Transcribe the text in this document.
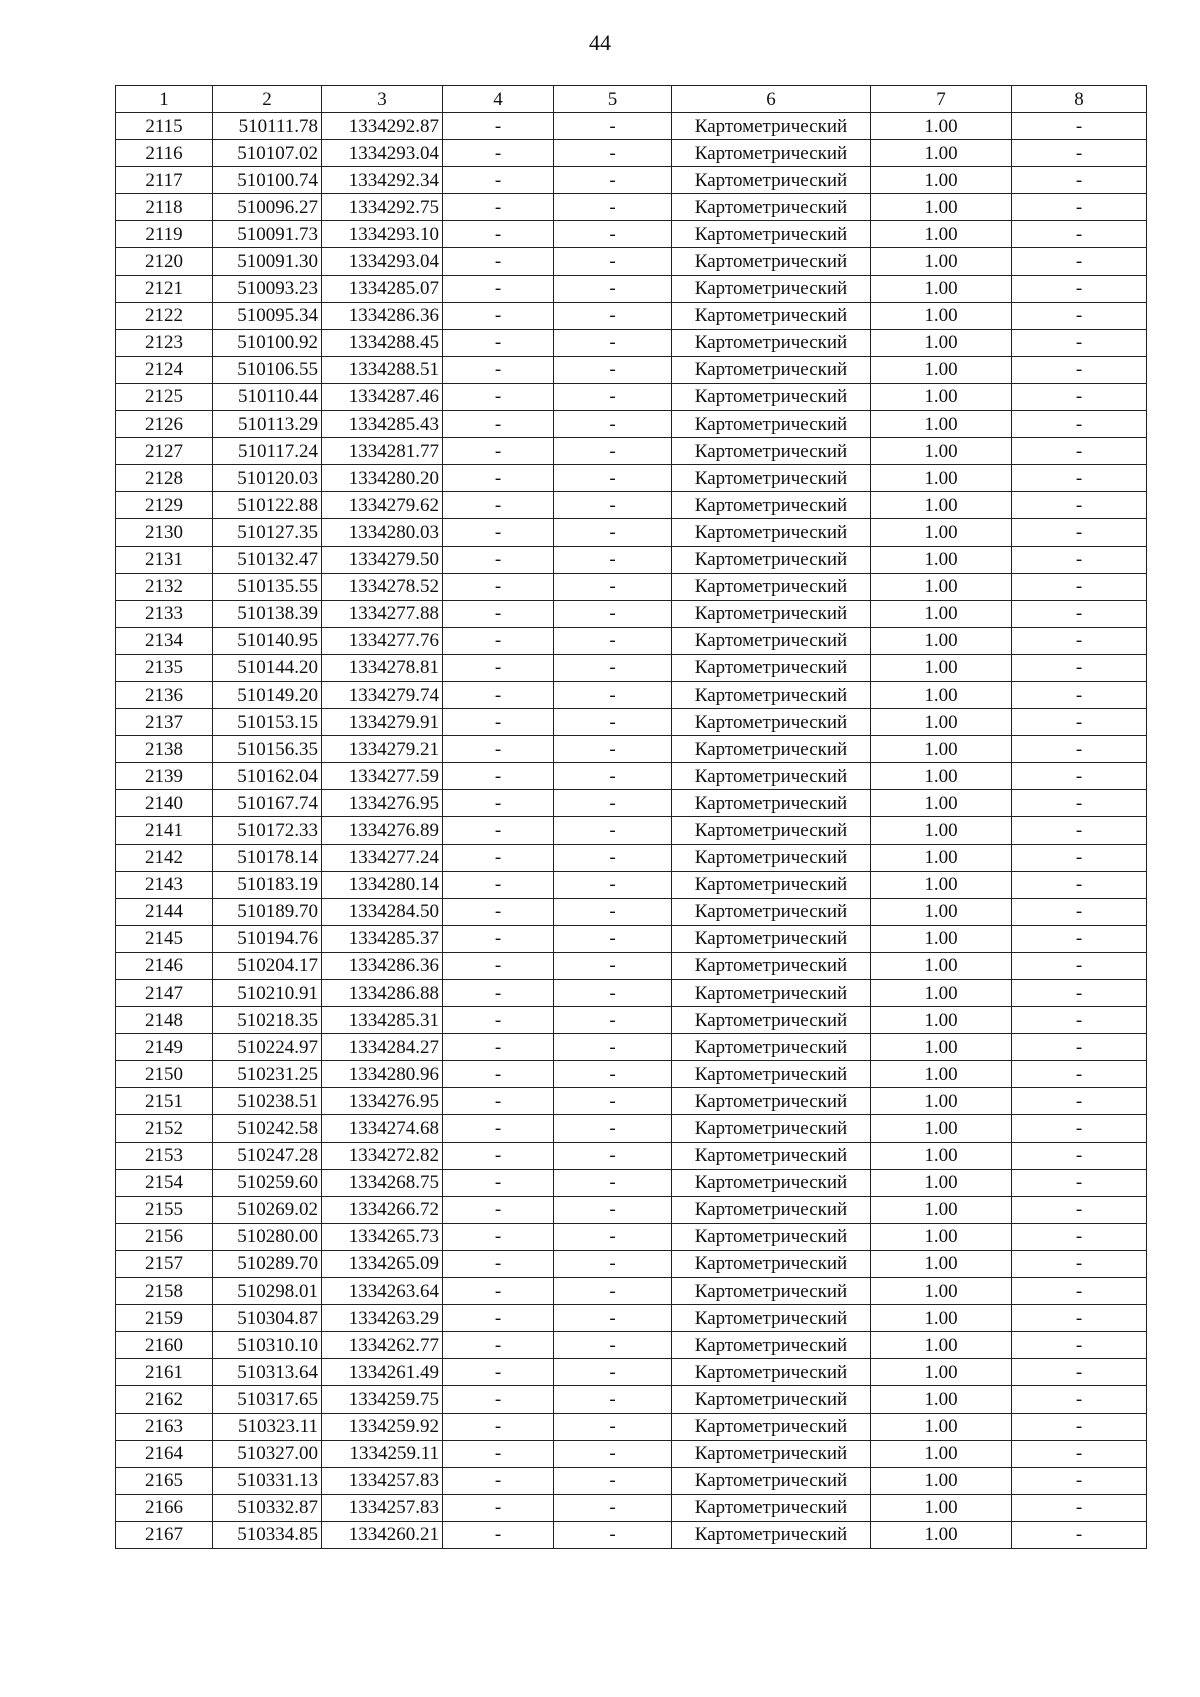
44
1	2	3	4	5	6	7	8
2115	510111.78	1334292.87	-	-	Картометрический	1.00	-
2116	510107.02	1334293.04	-	-	Картометрический	1.00	-
2117	510100.74	1334292.34	-	-	Картометрический	1.00	-
2118	510096.27	1334292.75	-	-	Картометрический	1.00	-
2119	510091.73	1334293.10	-	-	Картометрический	1.00	-
2120	510091.30	1334293.04	-	-	Картометрический	1.00	-
2121	510093.23	1334285.07	-	-	Картометрический	1.00	-
2122	510095.34	1334286.36	-	-	Картометрический	1.00	-
2123	510100.92	1334288.45	-	-	Картометрический	1.00	-
2124	510106.55	1334288.51	-	-	Картометрический	1.00	-
2125	510110.44	1334287.46	-	-	Картометрический	1.00	-
2126	510113.29	1334285.43	-	-	Картометрический	1.00	-
2127	510117.24	1334281.77	-	-	Картометрический	1.00	-
2128	510120.03	1334280.20	-	-	Картометрический	1.00	-
2129	510122.88	1334279.62	-	-	Картометрический	1.00	-
2130	510127.35	1334280.03	-	-	Картометрический	1.00	-
2131	510132.47	1334279.50	-	-	Картометрический	1.00	-
2132	510135.55	1334278.52	-	-	Картометрический	1.00	-
2133	510138.39	1334277.88	-	-	Картометрический	1.00	-
2134	510140.95	1334277.76	-	-	Картометрический	1.00	-
2135	510144.20	1334278.81	-	-	Картометрический	1.00	-
2136	510149.20	1334279.74	-	-	Картометрический	1.00	-
2137	510153.15	1334279.91	-	-	Картометрический	1.00	-
2138	510156.35	1334279.21	-	-	Картометрический	1.00	-
2139	510162.04	1334277.59	-	-	Картометрический	1.00	-
2140	510167.74	1334276.95	-	-	Картометрический	1.00	-
2141	510172.33	1334276.89	-	-	Картометрический	1.00	-
2142	510178.14	1334277.24	-	-	Картометрический	1.00	-
2143	510183.19	1334280.14	-	-	Картометрический	1.00	-
2144	510189.70	1334284.50	-	-	Картометрический	1.00	-
2145	510194.76	1334285.37	-	-	Картометрический	1.00	-
2146	510204.17	1334286.36	-	-	Картометрический	1.00	-
2147	510210.91	1334286.88	-	-	Картометрический	1.00	-
2148	510218.35	1334285.31	-	-	Картометрический	1.00	-
2149	510224.97	1334284.27	-	-	Картометрический	1.00	-
2150	510231.25	1334280.96	-	-	Картометрический	1.00	-
2151	510238.51	1334276.95	-	-	Картометрический	1.00	-
2152	510242.58	1334274.68	-	-	Картометрический	1.00	-
2153	510247.28	1334272.82	-	-	Картометрический	1.00	-
2154	510259.60	1334268.75	-	-	Картометрический	1.00	-
2155	510269.02	1334266.72	-	-	Картометрический	1.00	-
2156	510280.00	1334265.73	-	-	Картометрический	1.00	-
2157	510289.70	1334265.09	-	-	Картометрический	1.00	-
2158	510298.01	1334263.64	-	-	Картометрический	1.00	-
2159	510304.87	1334263.29	-	-	Картометрический	1.00	-
2160	510310.10	1334262.77	-	-	Картометрический	1.00	-
2161	510313.64	1334261.49	-	-	Картометрический	1.00	-
2162	510317.65	1334259.75	-	-	Картометрический	1.00	-
2163	510323.11	1334259.92	-	-	Картометрический	1.00	-
2164	510327.00	1334259.11	-	-	Картометрический	1.00	-
2165	510331.13	1334257.83	-	-	Картометрический	1.00	-
2166	510332.87	1334257.83	-	-	Картометрический	1.00	-
2167	510334.85	1334260.21	-	-	Картометрический	1.00	-
